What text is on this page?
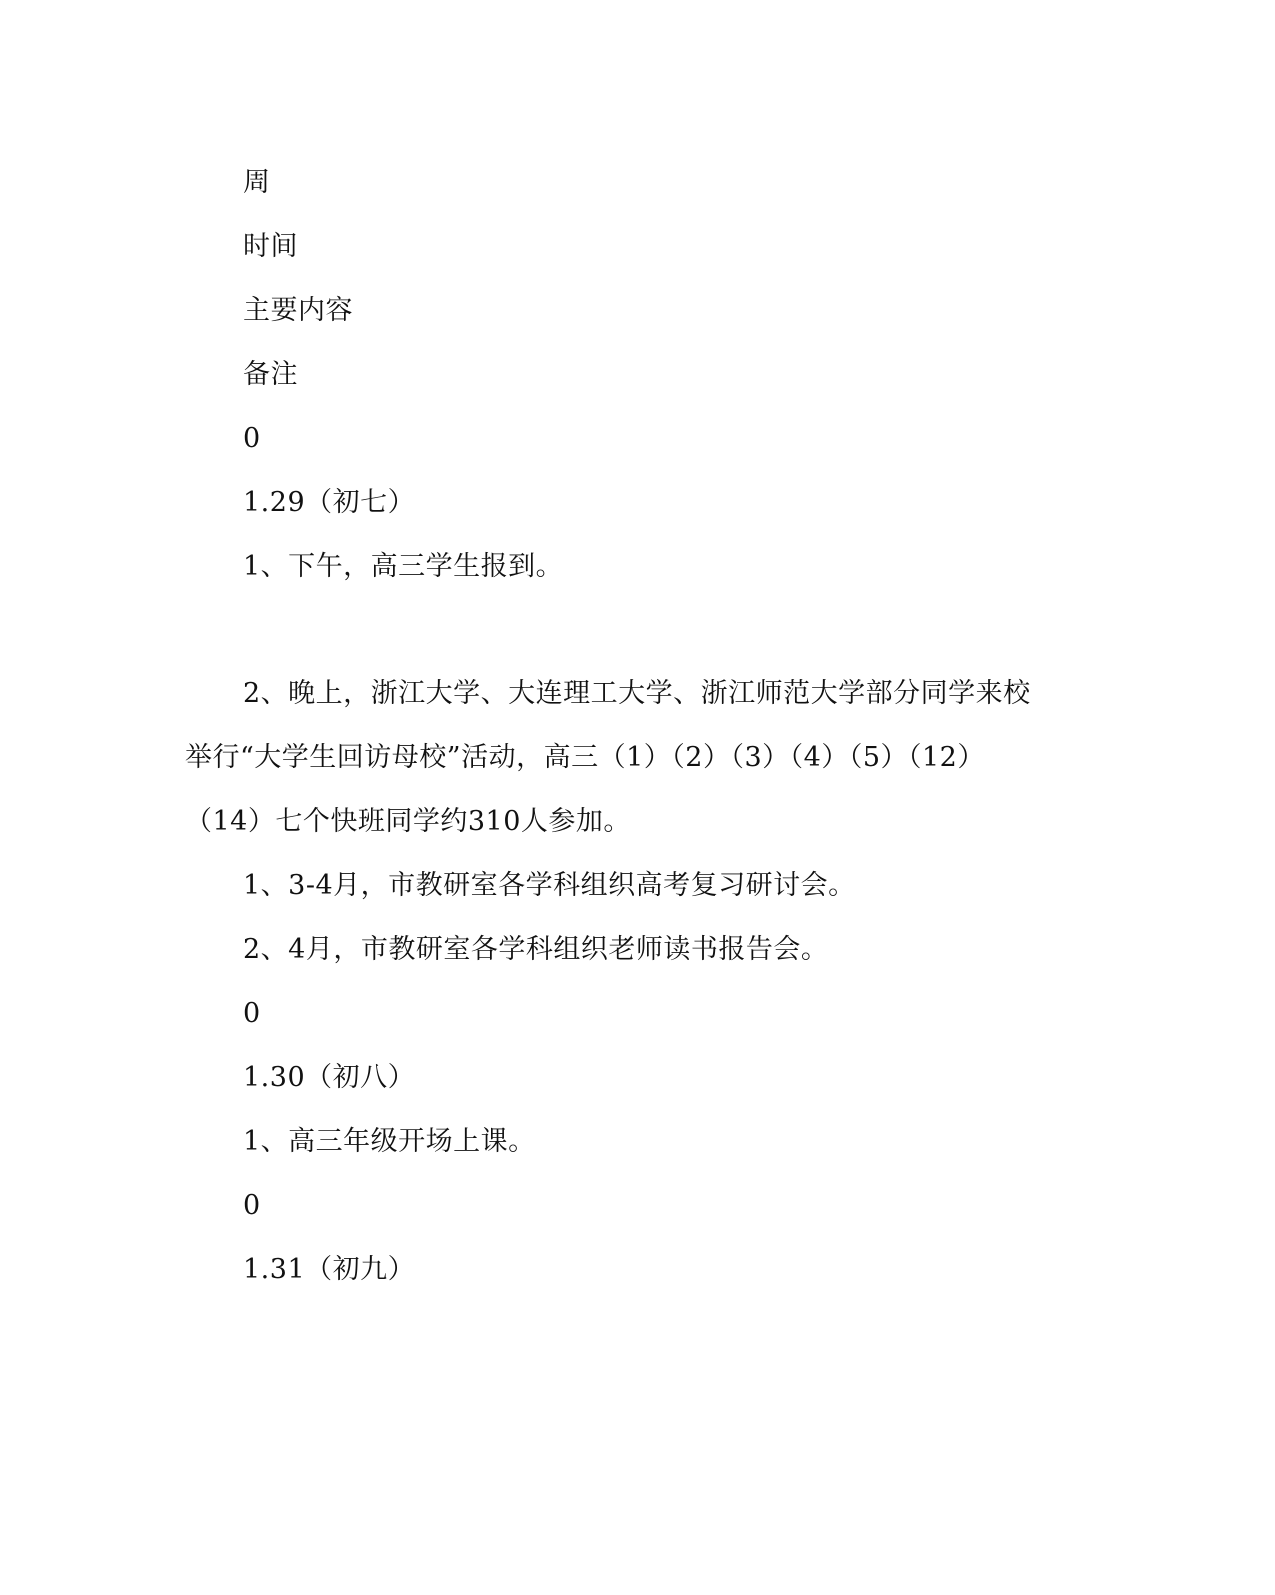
周
时间
主要内容
备注
0
1.29（初七）
1、下午，高三学生报到。
2、晚上，浙江大学、大连理工大学、浙江师范大学部分同学来校
举行“大学生回访母校”活动，高三（1）（2）（3）（4）（5）（12）
（14）七个快班同学约310人参加。
1、3-4月，市教研室各学科组织高考复习研讨会。
2、4月，市教研室各学科组织老师读书报告会。
0
1.30（初八）
1、高三年级开场上课。
0
1.31（初九）
